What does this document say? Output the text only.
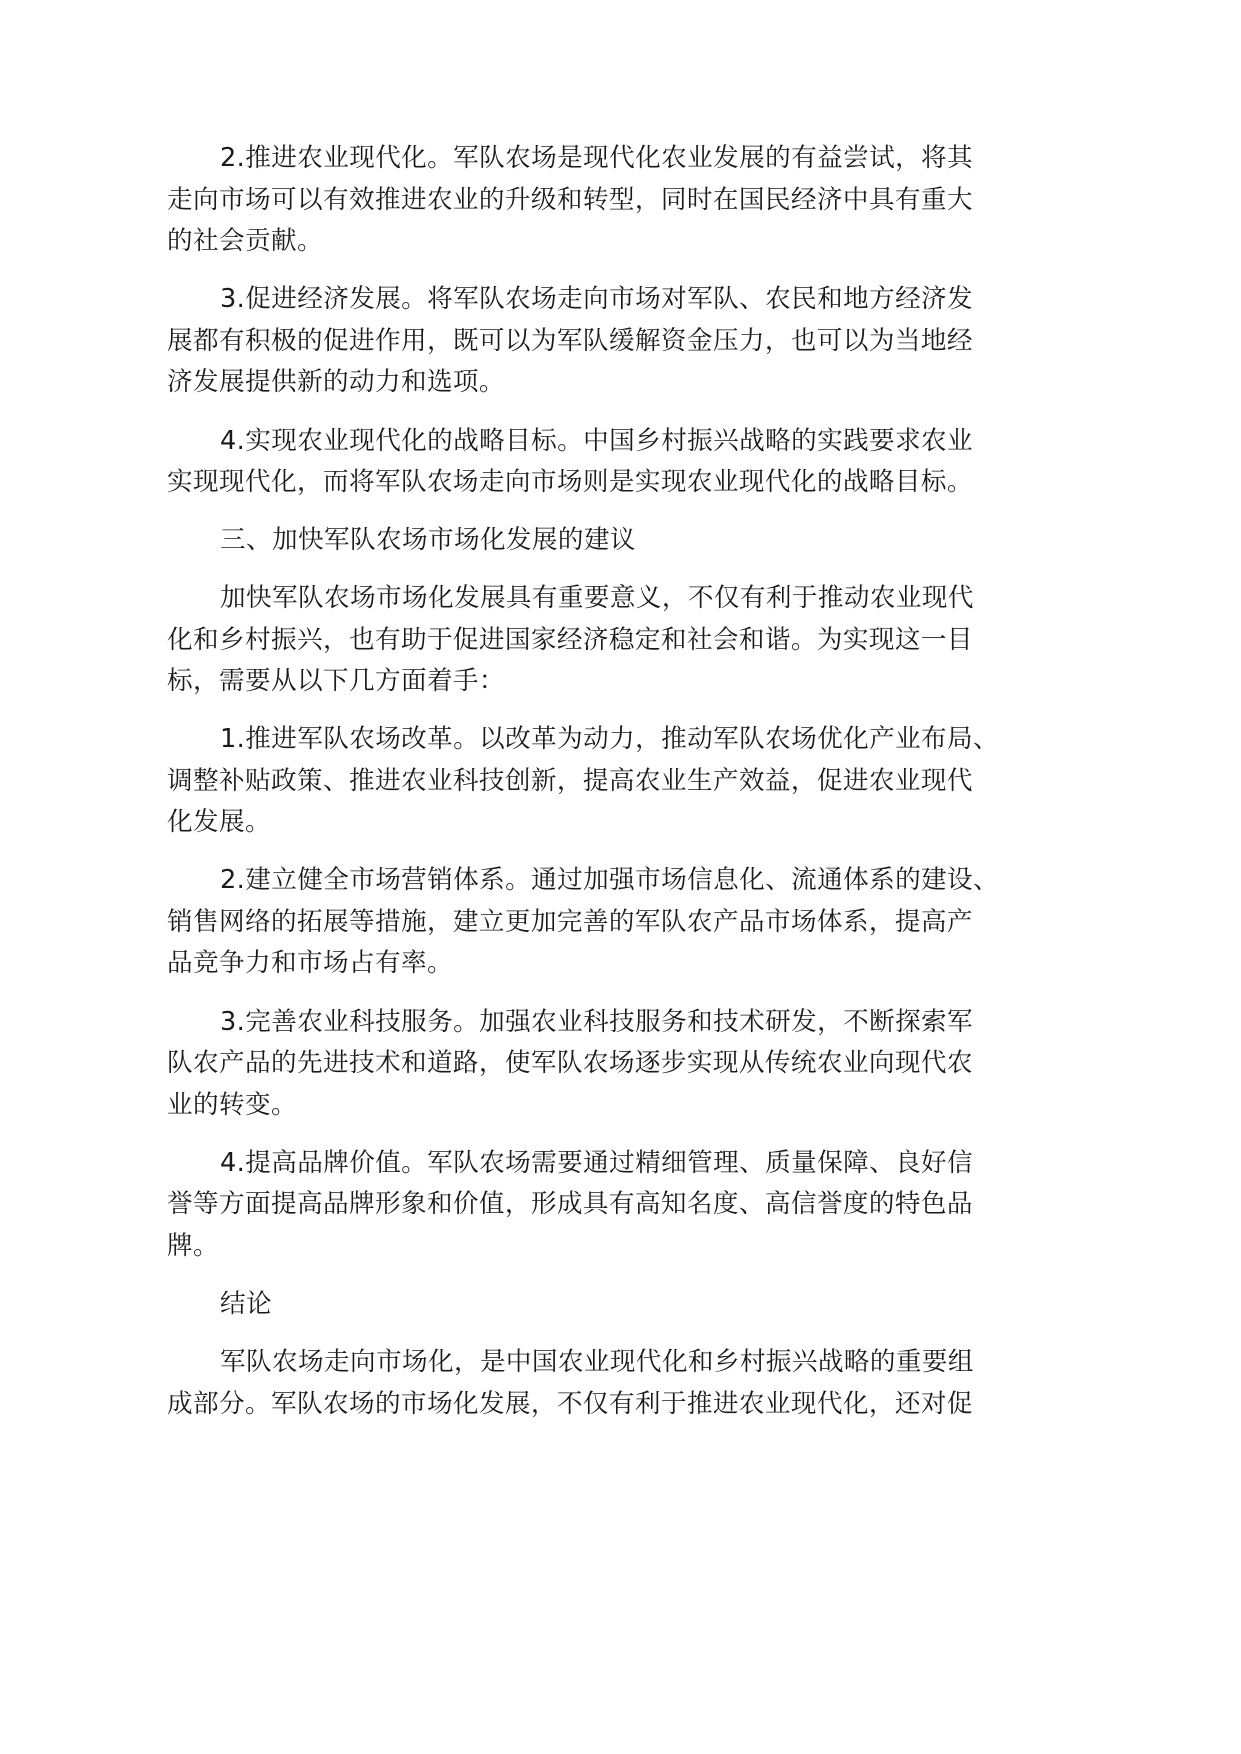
2.推进农业现代化。军队农场是现代化农业发展的有益尝试，将其

走向市场可以有效推进农业的升级和转型，同时在国民经济中具有重大

的社会贡献。

3.促进经济发展。将军队农场走向市场对军队、农民和地方经济发

展都有积极的促进作用，既可以为军队缓解资金压力，也可以为当地经

济发展提供新的动力和选项。

4.实现农业现代化的战略目标。中国乡村振兴战略的实践要求农业

实现现代化，而将军队农场走向市场则是实现农业现代化的战略目标。

三、加快军队农场市场化发展的建议

加快军队农场市场化发展具有重要意义，不仅有利于推动农业现代

化和乡村振兴，也有助于促进国家经济稳定和社会和谐。为实现这一目

标，需要从以下几方面着手：

1.推进军队农场改革。以改革为动力，推动军队农场优化产业布局、

调整补贴政策、推进农业科技创新，提高农业生产效益，促进农业现代

化发展。

2.建立健全市场营销体系。通过加强市场信息化、流通体系的建设、

销售网络的拓展等措施，建立更加完善的军队农产品市场体系，提高产

品竞争力和市场占有率。

3.完善农业科技服务。加强农业科技服务和技术研发，不断探索军

队农产品的先进技术和道路，使军队农场逐步实现从传统农业向现代农

业的转变。

4.提高品牌价值。军队农场需要通过精细管理、质量保障、良好信

誉等方面提高品牌形象和价值，形成具有高知名度、高信誉度的特色品

牌。

结论

军队农场走向市场化，是中国农业现代化和乡村振兴战略的重要组

成部分。军队农场的市场化发展，不仅有利于推进农业现代化，还对促
